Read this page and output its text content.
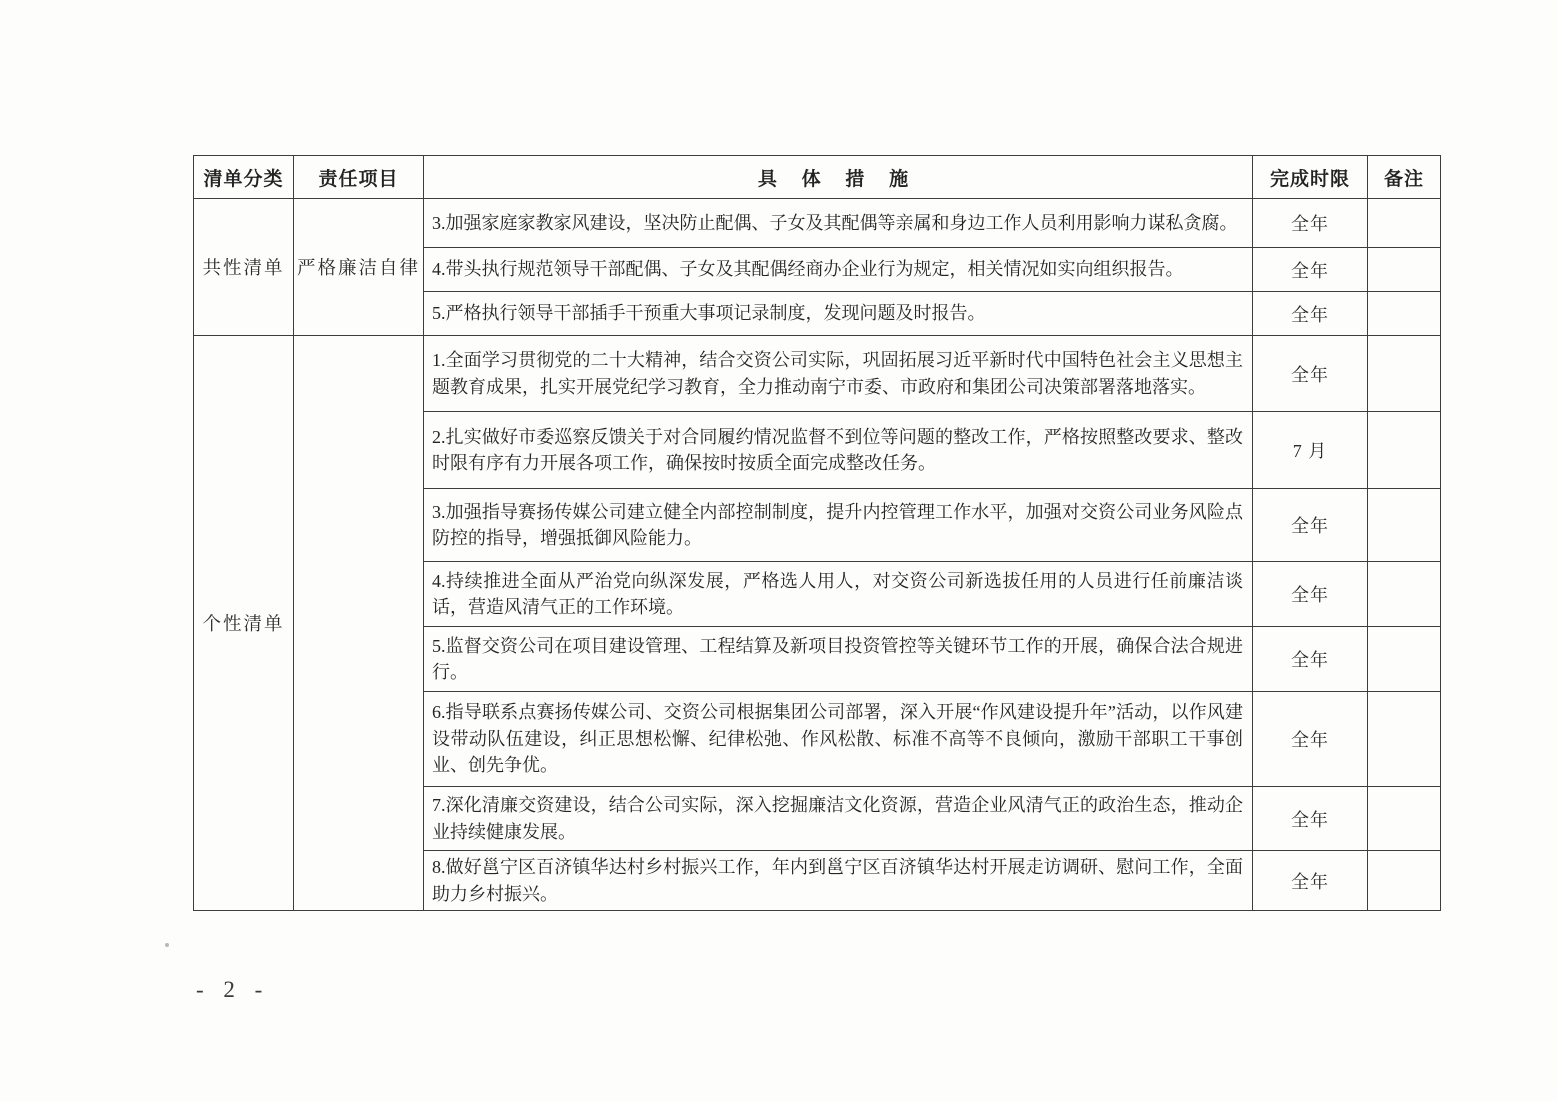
清单分类	责任项目	具 体 措 施	完成时限	备注
共性清单	严格廉洁自律	3.加强家庭家教家风建设，坚决防止配偶、子女及其配偶等亲属和身边工作人员利用影响力谋私贪腐。	全年	
		4.带头执行规范领导干部配偶、子女及其配偶经商办企业行为规定，相关情况如实向组织报告。	全年	
		5.严格执行领导干部插手干预重大事项记录制度，发现问题及时报告。	全年	
个性清单		1.全面学习贯彻党的二十大精神，结合交资公司实际，巩固拓展习近平新时代中国特色社会主义思想主题教育成果，扎实开展党纪学习教育，全力推动南宁市委、市政府和集团公司决策部署落地落实。	全年	
		2.扎实做好市委巡察反馈关于对合同履约情况监督不到位等问题的整改工作，严格按照整改要求、整改时限有序有力开展各项工作，确保按时按质全面完成整改任务。	7 月	
		3.加强指导赛扬传媒公司建立健全内部控制制度，提升内控管理工作水平，加强对交资公司业务风险点防控的指导，增强抵御风险能力。	全年	
		4.持续推进全面从严治党向纵深发展，严格选人用人，对交资公司新选拔任用的人员进行任前廉洁谈话，营造风清气正的工作环境。	全年	
		5.监督交资公司在项目建设管理、工程结算及新项目投资管控等关键环节工作的开展，确保合法合规进行。	全年	
		6.指导联系点赛扬传媒公司、交资公司根据集团公司部署，深入开展“作风建设提升年”活动，以作风建设带动队伍建设，纠正思想松懈、纪律松弛、作风松散、标准不高等不良倾向，激励干部职工干事创业、创先争优。	全年	
		7.深化清廉交资建设，结合公司实际，深入挖掘廉洁文化资源，营造企业风清气正的政治生态，推动企业持续健康发展。	全年	
		8.做好邕宁区百济镇华达村乡村振兴工作，年内到邕宁区百济镇华达村开展走访调研、慰问工作，全面助力乡村振兴。	全年	
- 2 -
